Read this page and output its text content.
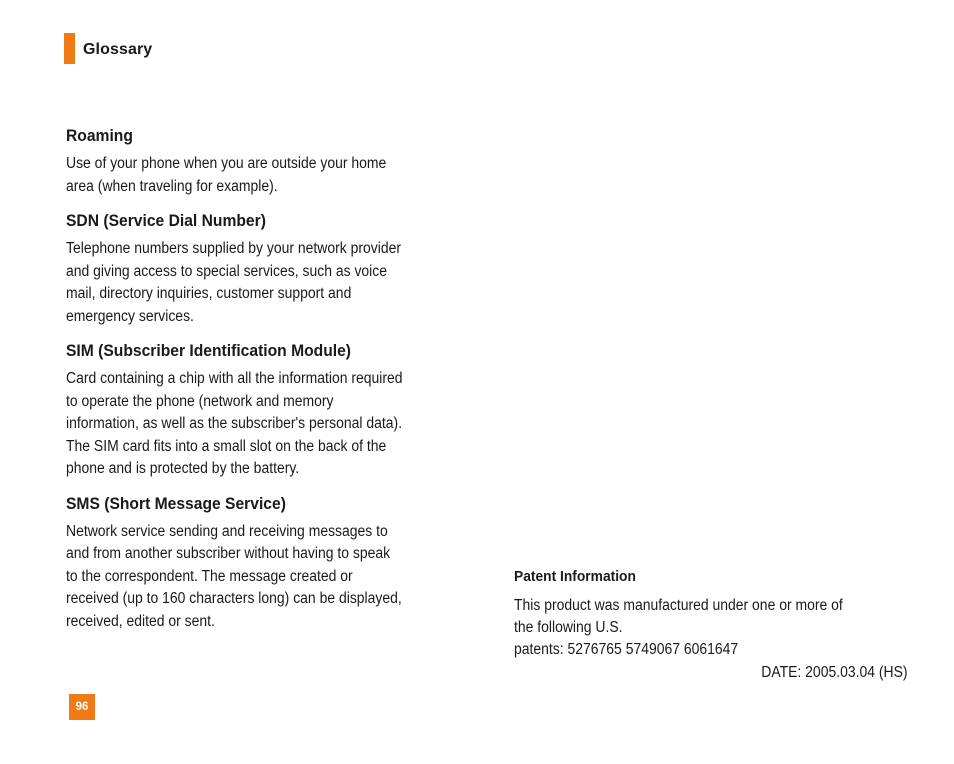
Glossary
Roaming
Use of your phone when you are outside your home
area (when traveling for example).
SDN (Service Dial Number)
Telephone numbers supplied by your network provider
and giving access to special services, such as voice
mail, directory inquiries, customer support and
emergency services.
SIM (Subscriber Identification Module)
Card containing a chip with all the information required
to operate the phone (network and memory
information, as well as the subscriber's personal data).
The SIM card fits into a small slot on the back of the
phone and is protected by the battery.
SMS (Short Message Service)
Network service sending and receiving messages to
and from another subscriber without having to speak
to the correspondent. The message created or
received (up to 160 characters long) can be displayed,
received, edited or sent.
Patent Information
This product was manufactured under one or more of
the following U.S.
patents: 5276765 5749067 6061647
DATE: 2005.03.04 (HS)
96
